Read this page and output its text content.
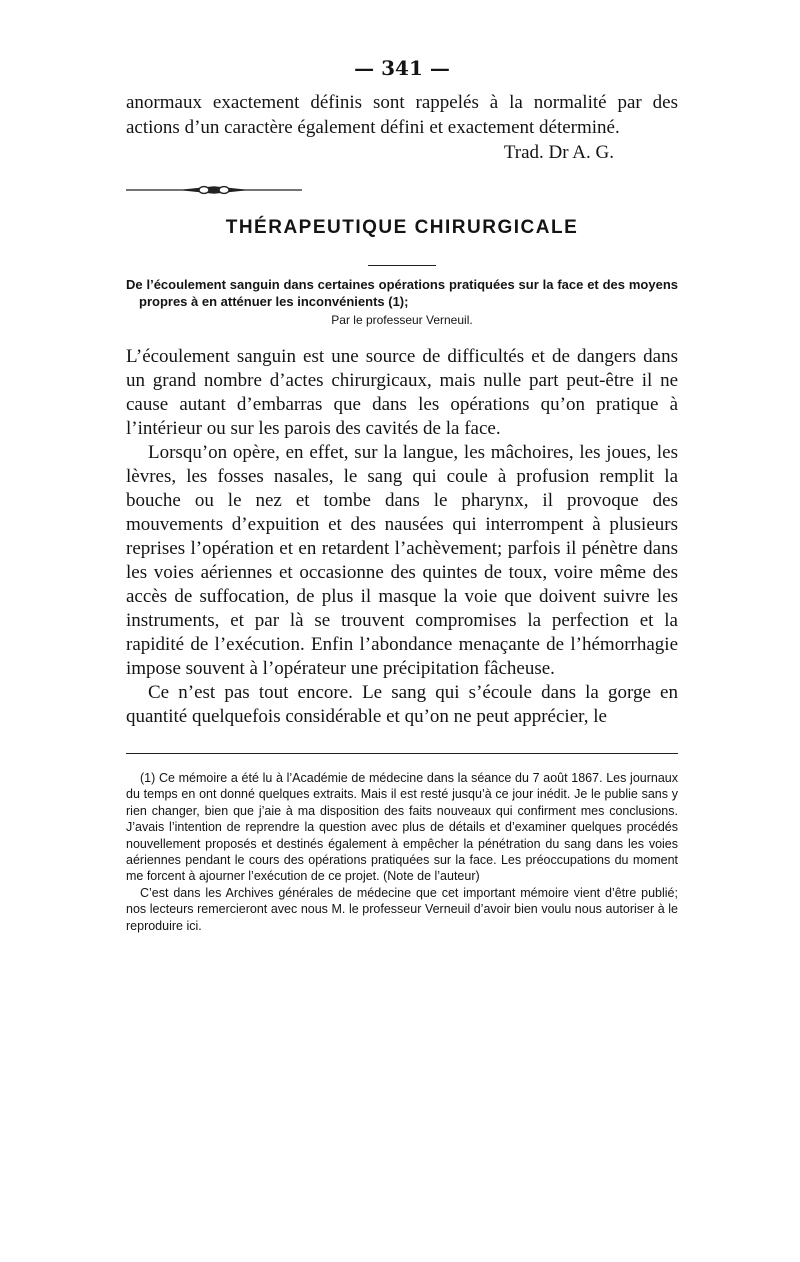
— 341 —

anormaux exactement définis sont rappelés à la normalité par des actions d’un caractère également défini et exactement déterminé.

Trad. Dr A. G.

THÉRAPEUTIQUE CHIRURGICALE

De l’écoulement sanguin dans certaines opérations pratiquées sur la face et des moyens propres à en atténuer les inconvénients (1);

Par le professeur Verneuil.

L’écoulement sanguin est une source de difficultés et de dangers dans un grand nombre d’actes chirurgicaux, mais nulle part peut-être il ne cause autant d’embarras que dans les opérations qu’on pratique à l’intérieur ou sur les parois des cavités de la face.

Lorsqu’on opère, en effet, sur la langue, les mâchoires, les joues, les lèvres, les fosses nasales, le sang qui coule à profusion remplit la bouche ou le nez et tombe dans le pharynx, il provoque des mouvements d’expuition et des nausées qui interrompent à plusieurs reprises l’opération et en retardent l’achèvement; parfois il pénètre dans les voies aériennes et occasionne des quintes de toux, voire même des accès de suffocation, de plus il masque la voie que doivent suivre les instruments, et par là se trouvent compromises la perfection et la rapidité de l’exécution. Enfin l’abondance menaçante de l’hémorrhagie impose souvent à l’opérateur une précipitation fâcheuse.

Ce n’est pas tout encore. Le sang qui s’écoule dans la gorge en quantité quelquefois considérable et qu’on ne peut apprécier, le

(1) Ce mémoire a été lu à l’Académie de médecine dans la séance du 7 août 1867. Les journaux du temps en ont donné quelques extraits. Mais il est resté jusqu’à ce jour inédit. Je le publie sans y rien changer, bien que j’aie à ma disposition des faits nouveaux qui confirment mes conclusions. J’avais l’intention de reprendre la question avec plus de détails et d’examiner quelques procédés nouvellement proposés et destinés également à empêcher la pénétration du sang dans les voies aériennes pendant le cours des opérations pratiquées sur la face. Les préoccupations du moment me forcent à ajourner l’exécution de ce projet. (Note de l’auteur)

C’est dans les Archives générales de médecine que cet important mémoire vient d’être publié; nos lecteurs remercieront avec nous M. le professeur Verneuil d’avoir bien voulu nous autoriser à le reproduire ici.
